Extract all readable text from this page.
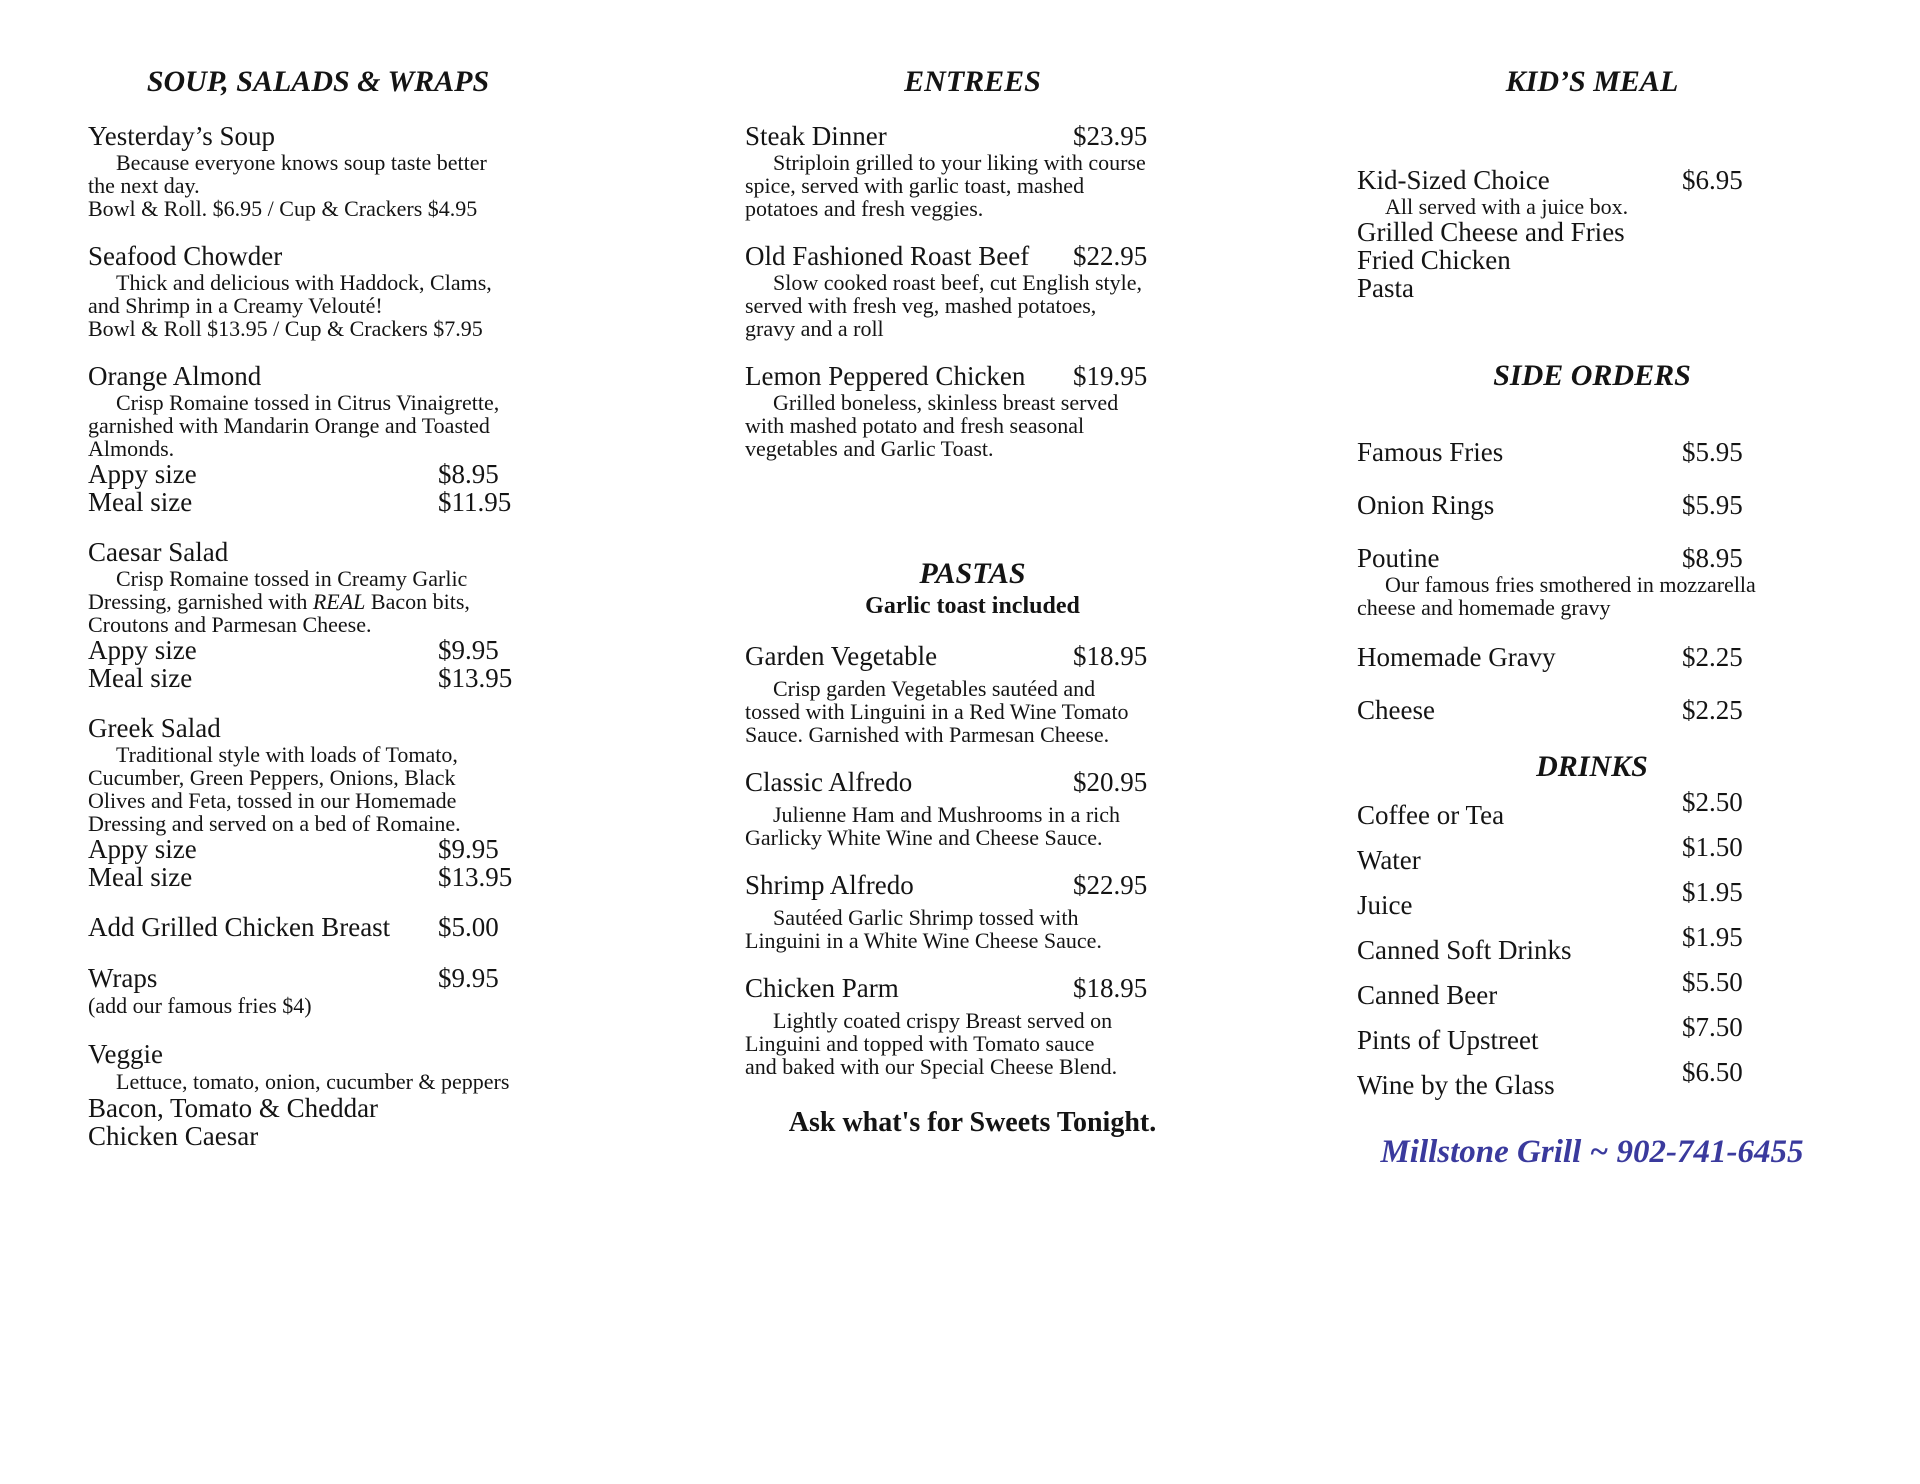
SOUP, SALADS & WRAPS
Yesterday’s Soup
Because everyone knows soup taste better
the next day.
Bowl & Roll. $6.95 / Cup & Crackers $4.95
Seafood Chowder
Thick and delicious with Haddock, Clams,
and Shrimp in a Creamy Velouté!
Bowl & Roll $13.95 / Cup & Crackers $7.95
Orange Almond
Crisp Romaine tossed in Citrus Vinaigrette,
garnished with Mandarin Orange and Toasted
Almonds.
Appy size	$8.95
Meal size	$11.95
Caesar Salad
Crisp Romaine tossed in Creamy Garlic
Dressing, garnished with REAL Bacon bits,
Croutons and Parmesan Cheese.
Appy size	$9.95
Meal size	$13.95
Greek Salad
Traditional style with loads of Tomato,
Cucumber, Green Peppers, Onions, Black
Olives and Feta, tossed in our Homemade
Dressing and served on a bed of Romaine.
Appy size	$9.95
Meal size	$13.95
Add Grilled Chicken Breast $5.00
Wraps	$9.95
(add our famous fries $4)
Veggie
Lettuce, tomato, onion, cucumber & peppers
Bacon, Tomato & Cheddar
Chicken Caesar
ENTREES
Steak Dinner	$23.95
Striploin grilled to your liking with course
spice, served with garlic toast, mashed
potatoes and fresh veggies.
Old Fashioned Roast Beef $22.95
Slow cooked roast beef, cut English style,
served with fresh veg, mashed potatoes,
gravy and a roll
Lemon Peppered Chicken $19.95
Grilled boneless, skinless breast served
with mashed potato and fresh seasonal
vegetables and Garlic Toast.
PASTAS
Garlic toast included
Garden Vegetable	$18.95
Crisp garden Vegetables sautéed and
tossed with Linguini in a Red Wine Tomato
Sauce. Garnished with Parmesan Cheese.
Classic Alfredo	$20.95
Julienne Ham and Mushrooms in a rich
Garlicky White Wine and Cheese Sauce.
Shrimp Alfredo	$22.95
Sautéed Garlic Shrimp tossed with
Linguini in a White Wine Cheese Sauce.
Chicken Parm	$18.95
Lightly coated crispy Breast served on
Linguini and topped with Tomato sauce
and baked with our Special Cheese Blend.
Ask what's for Sweets Tonight.
KID’S MEAL
Kid-Sized Choice	$6.95
All served with a juice box.
Grilled Cheese and Fries
Fried Chicken
Pasta
SIDE ORDERS
Famous Fries	$5.95
Onion Rings	$5.95
Poutine	$8.95
Our famous fries smothered in mozzarella
cheese and homemade gravy
Homemade Gravy	$2.25
Cheese	$2.25
DRINKS
Coffee or Tea	$2.50
Water	$1.50
Juice	$1.95
Canned Soft Drinks	$1.95
Canned Beer	$5.50
Pints of Upstreet	$7.50
Wine by the Glass	$6.50
Millstone Grill ~ 902-741-6455
